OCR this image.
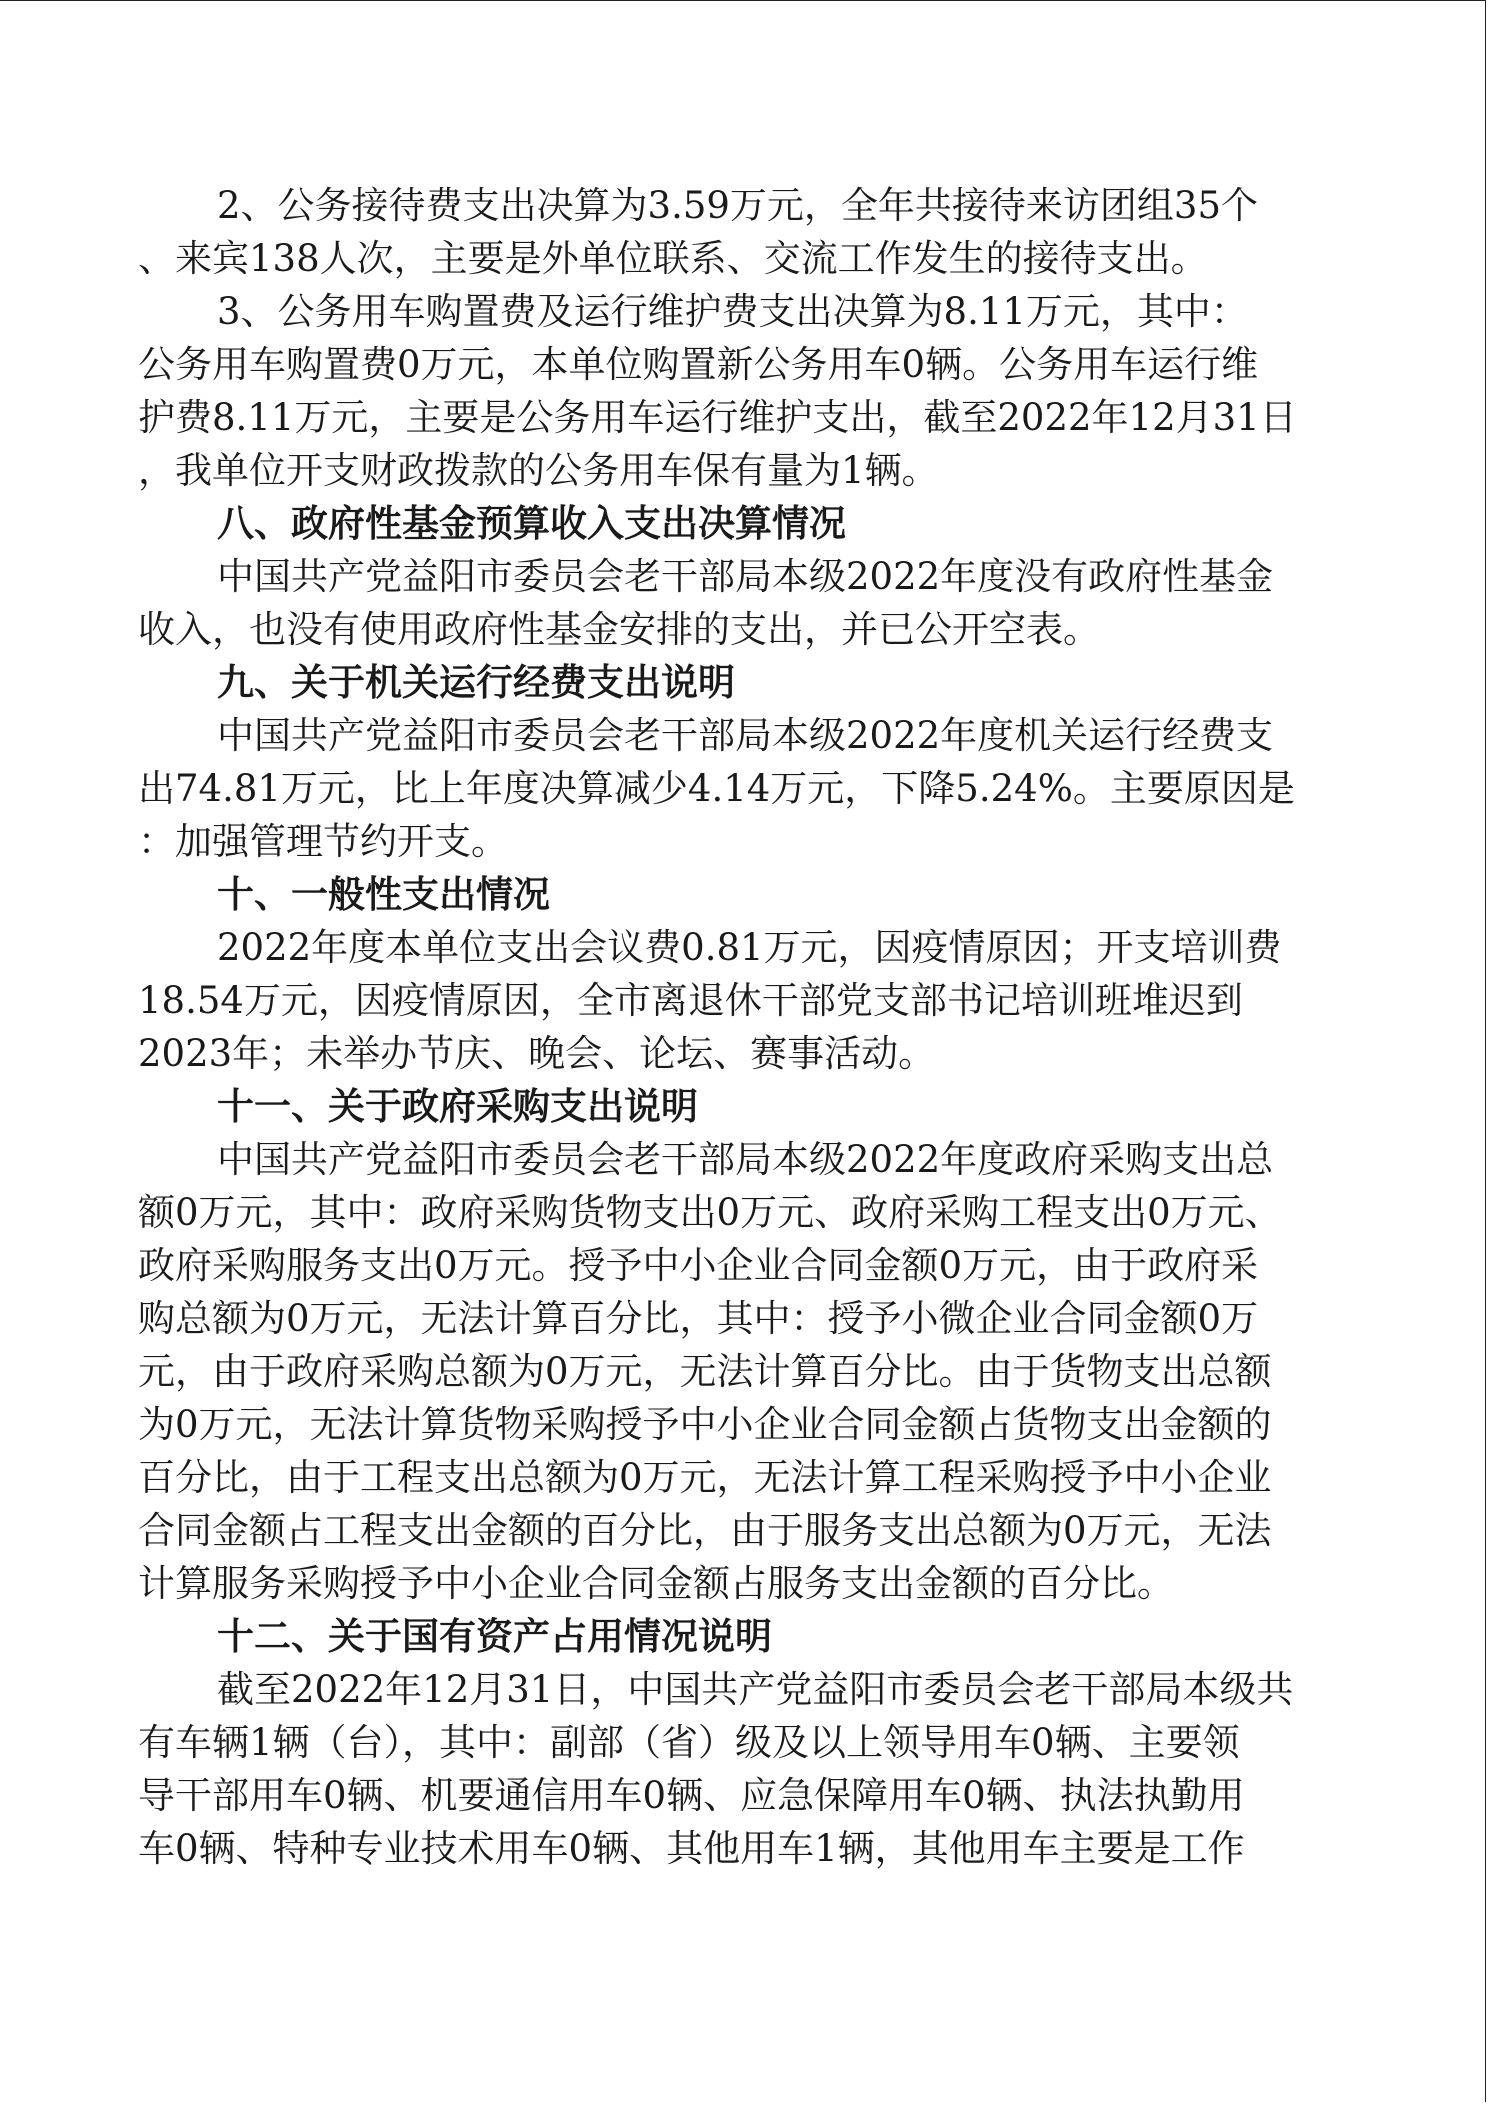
2、公务接待费支出决算为3.59万元，全年共接待来访团组35个
、来宾138人次，主要是外单位联系、交流工作发生的接待支出。
3、公务用车购置费及运行维护费支出决算为8.11万元，其中：
公务用车购置费0万元，本单位购置新公务用车0辆。公务用车运行维
护费8.11万元，主要是公务用车运行维护支出，截至2022年12月31日
，我单位开支财政拨款的公务用车保有量为1辆。
八、政府性基金预算收入支出决算情况
中国共产党益阳市委员会老干部局本级2022年度没有政府性基金
收入，也没有使用政府性基金安排的支出，并已公开空表。
九、关于机关运行经费支出说明
中国共产党益阳市委员会老干部局本级2022年度机关运行经费支
出74.81万元，比上年度决算减少4.14万元，下降5.24%。主要原因是
：加强管理节约开支。
十、一般性支出情况
2022年度本单位支出会议费0.81万元，因疫情原因；开支培训费
18.54万元，因疫情原因，全市离退休干部党支部书记培训班堆迟到
2023年；未举办节庆、晚会、论坛、赛事活动。
十一、关于政府采购支出说明
中国共产党益阳市委员会老干部局本级2022年度政府采购支出总
额0万元，其中：政府采购货物支出0万元、政府采购工程支出0万元、
政府采购服务支出0万元。授予中小企业合同金额0万元，由于政府采
购总额为0万元，无法计算百分比，其中：授予小微企业合同金额0万
元，由于政府采购总额为0万元，无法计算百分比。由于货物支出总额
为0万元，无法计算货物采购授予中小企业合同金额占货物支出金额的
百分比，由于工程支出总额为0万元，无法计算工程采购授予中小企业
合同金额占工程支出金额的百分比，由于服务支出总额为0万元，无法
计算服务采购授予中小企业合同金额占服务支出金额的百分比。
十二、关于国有资产占用情况说明
截至2022年12月31日，中国共产党益阳市委员会老干部局本级共
有车辆1辆（台），其中：副部（省）级及以上领导用车0辆、主要领
导干部用车0辆、机要通信用车0辆、应急保障用车0辆、执法执勤用
车0辆、特种专业技术用车0辆、其他用车1辆，其他用车主要是工作
